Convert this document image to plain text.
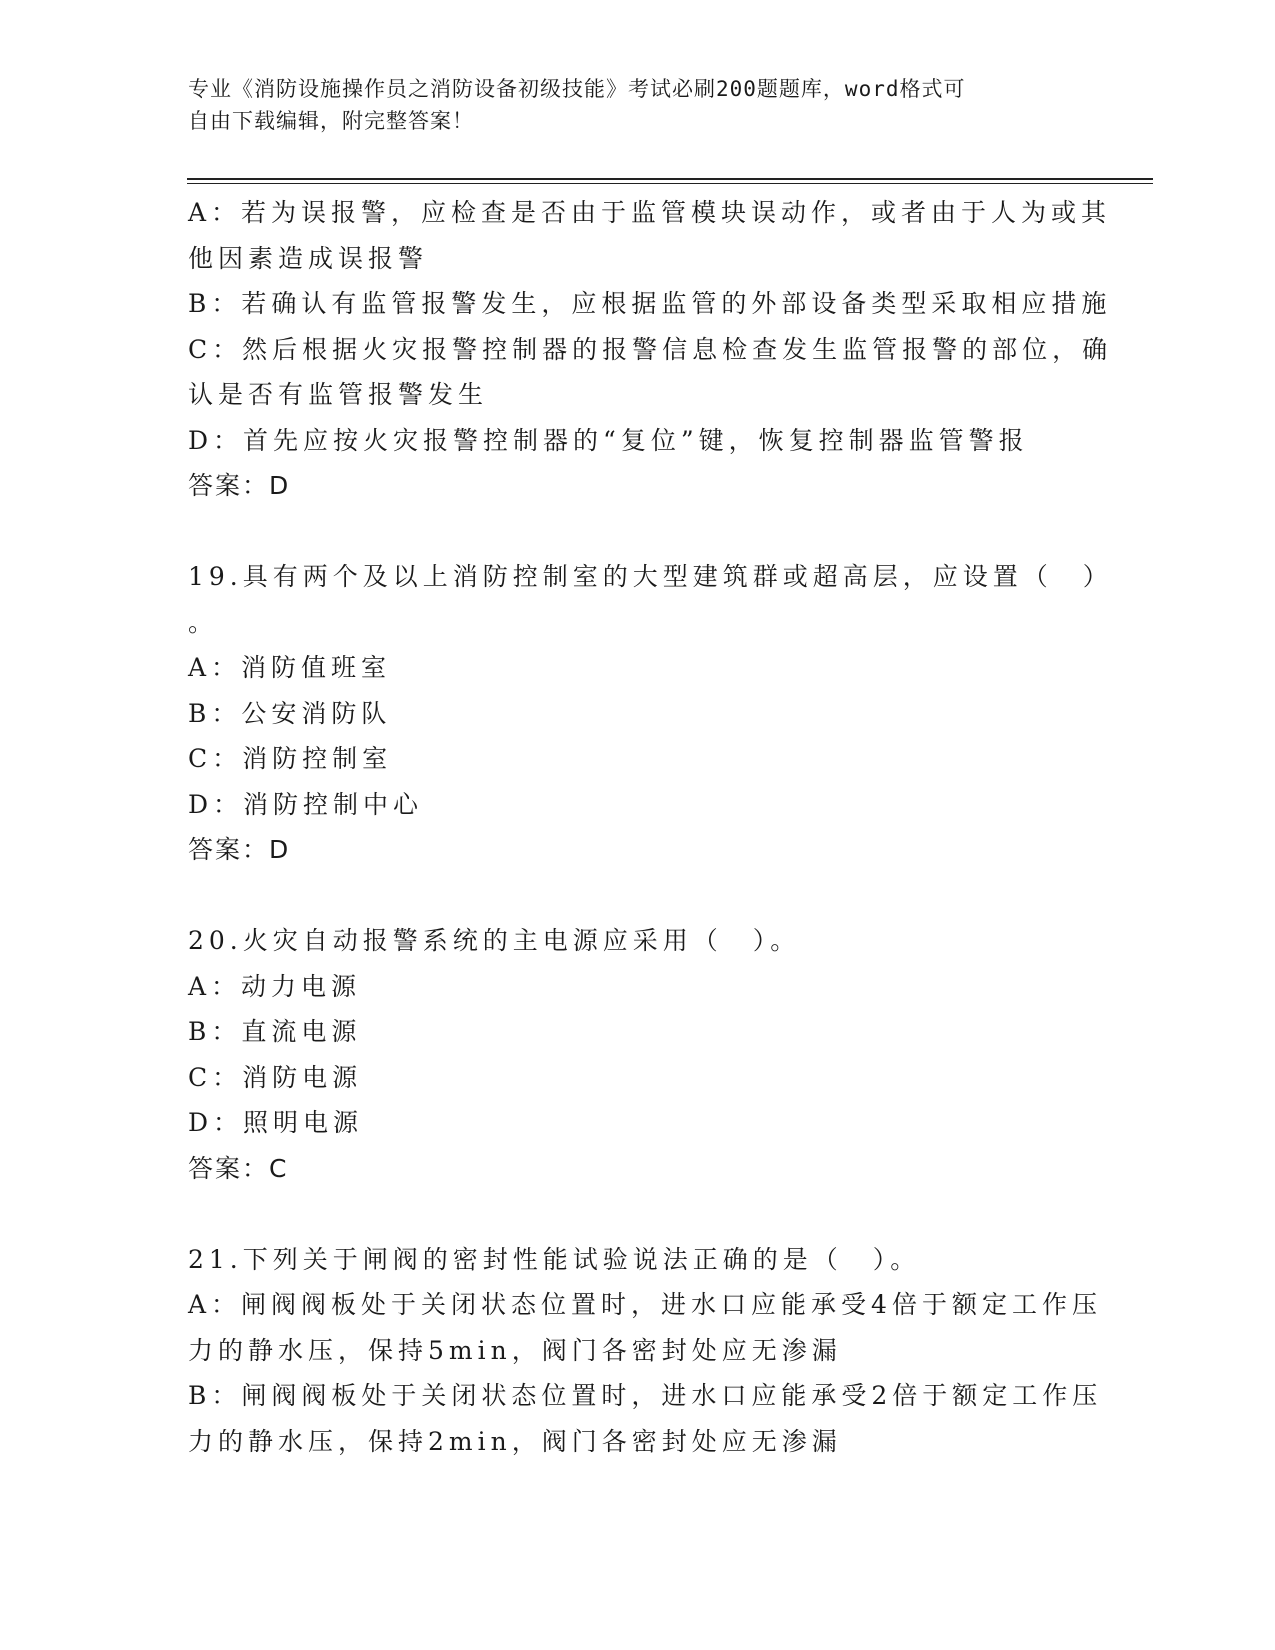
专业《消防设施操作员之消防设备初级技能》考试必刷200题题库，word格式可
自由下载编辑，附完整答案！
A：若为误报警，应检查是否由于监管模块误动作，或者由于人为或其
他因素造成误报警
B：若确认有监管报警发生，应根据监管的外部设备类型采取相应措施
C：然后根据火灾报警控制器的报警信息检查发生监管报警的部位，确
认是否有监管报警发生
D：首先应按火灾报警控制器的“复位”键，恢复控制器监管警报
答案：D
19.具有两个及以上消防控制室的大型建筑群或超高层，应设置（　）
。
A：消防值班室
B：公安消防队
C：消防控制室
D：消防控制中心
答案：D
20.火灾自动报警系统的主电源应采用（　）。
A：动力电源
B：直流电源
C：消防电源
D：照明电源
答案：C
21.下列关于闸阀的密封性能试验说法正确的是（　）。
A：闸阀阀板处于关闭状态位置时，进水口应能承受4倍于额定工作压
力的静水压，保持5min，阀门各密封处应无渗漏
B：闸阀阀板处于关闭状态位置时，进水口应能承受2倍于额定工作压
力的静水压，保持2min，阀门各密封处应无渗漏
